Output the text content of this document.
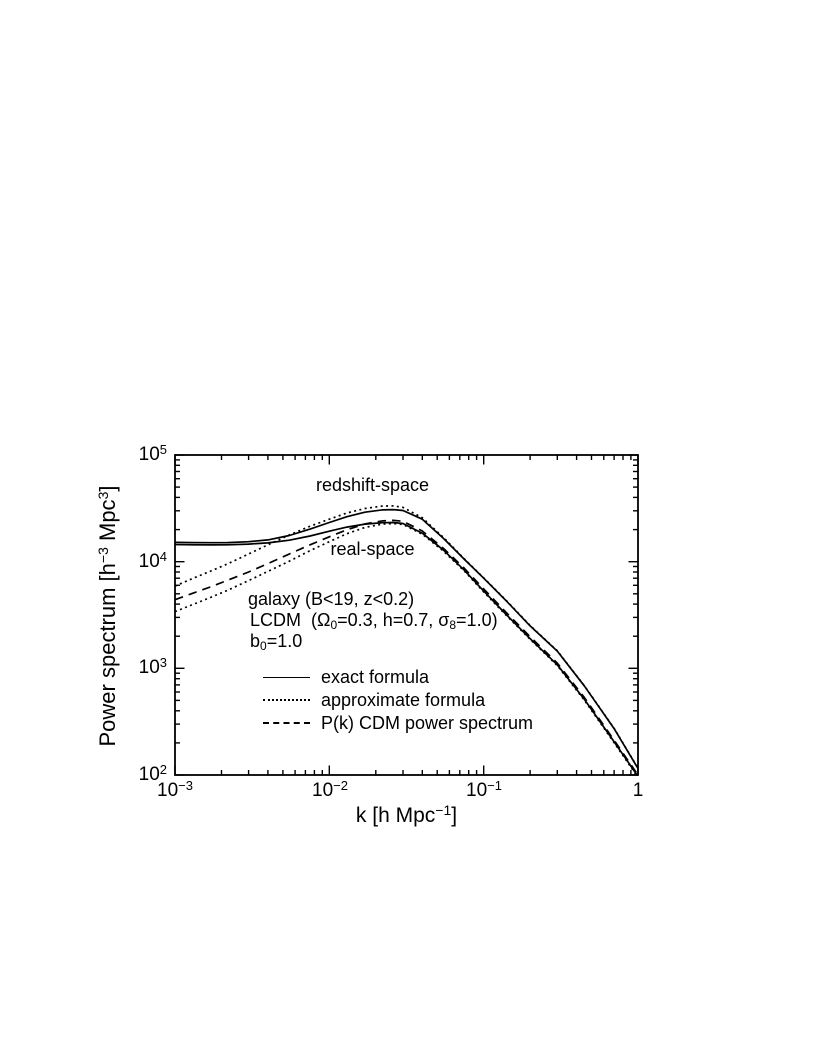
$10^5$
$10^4$
$10^3$
$10^2$
$10^{-3}$	$10^{-2}$	$10^{-1}$	1
k [h Mpc$^{-1}$]
Power spectrum [$h^{-3}$ Mpc$^3$]	redshift-space
real-space
galaxy (B<19, z<0.2)
LCDM  ($\Omega_0=0.3$, h=0.7, $\sigma_8=1.0$)
$b_0=1.0$
exact formula
approximate formula
P(k) CDM power spectrum
